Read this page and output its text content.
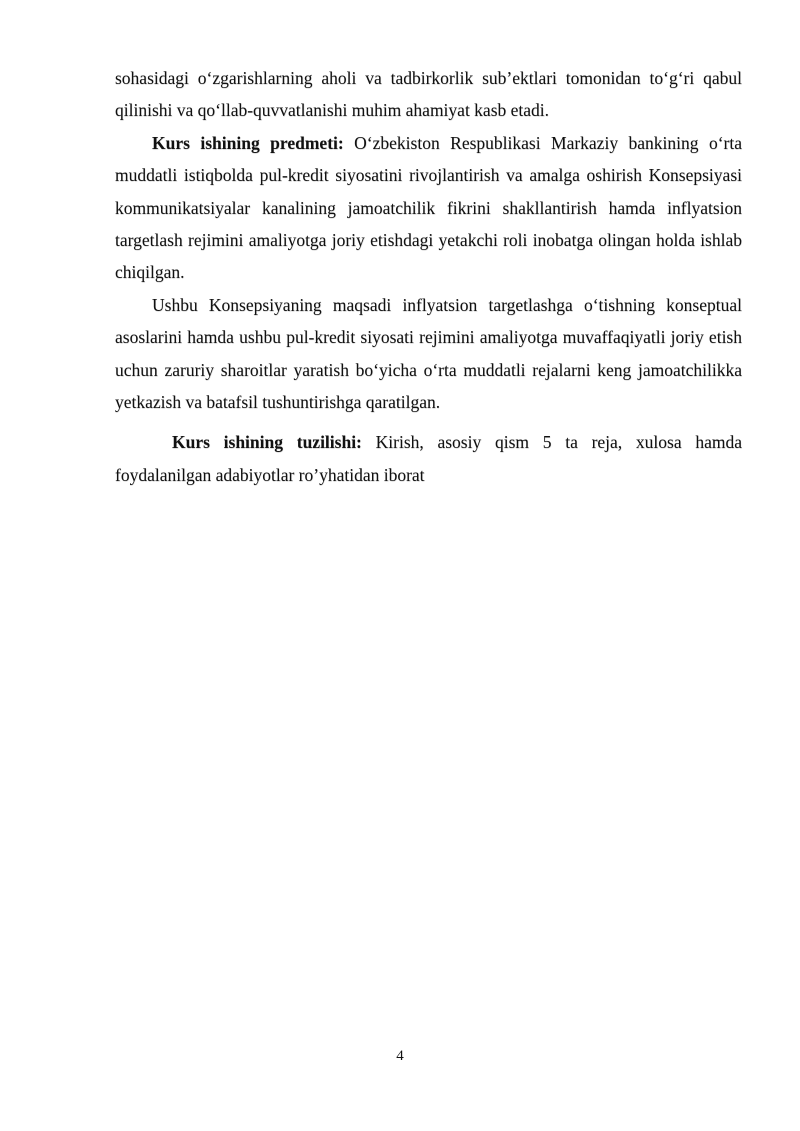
sohasidagi o‘zgarishlarning aholi va tadbirkorlik sub’ektlari tomonidan to‘g‘ri qabul qilinishi va qo‘llab-quvvatlanishi muhim ahamiyat kasb etadi.

Kurs ishining predmeti: O‘zbekiston Respublikasi Markaziy bankining o‘rta muddatli istiqbolda pul-kredit siyosatini rivojlantirish va amalga oshirish Konsepsiyasi kommunikatsiyalar kanalining jamoatchilik fikrini shakllantirish hamda inflyatsion targetlash rejimini amaliyotga joriy etishdagi yetakchi roli inobatga olingan holda ishlab chiqilgan.

Ushbu Konsepsiyaning maqsadi inflyatsion targetlashga o‘tishning konseptual asoslarini hamda ushbu pul-kredit siyosati rejimini amaliyotga muvaffaqiyatli joriy etish uchun zaruriy sharoitlar yaratish bo‘yicha o‘rta muddatli rejalarni keng jamoatchilikka yetkazish va batafsil tushuntirishga qaratilgan.

Kurs ishining tuzilishi: Kirish, asosiy qism 5 ta reja, xulosa hamda foydalanilgan adabiyotlar ro’yhatidan iborat

4
